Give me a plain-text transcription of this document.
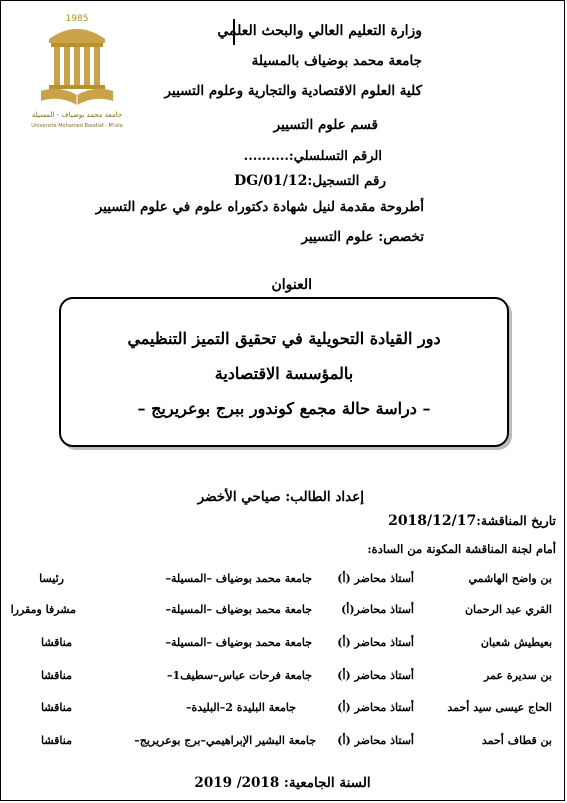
1985
جامعة محمد بوضياف - المسيلة
Université Mohamed Boudiaf - M'sila
وزارة التعليم العالي والبحث العلمي
جامعة محمد بوضياف بالمسيلة
كلية العلوم الاقتصادية والتجارية وعلوم التسيير
قسم علوم التسيير
الرقم التسلسلي:..........
رقم التسجيل:DG/01/12
أطروحة مقدمة لنيل شهادة دكتوراه علوم في علوم التسيير
تخصص: علوم التسيير
العنوان
دور القيادة التحويلية في تحقيق التميز التنظيمي
بالمؤسسة الاقتصادية
– دراسة حالة مجمع كوندور ببرج بوعريريج –
إعداد الطالب: صياحي الأخضر
تاريخ المناقشة:2018/12/17
أمام لجنة المناقشة المكونة من السادة:
بن واضح الهاشمي
أستاذ محاضر (أ)
جامعة محمد بوضياف –المسيلة–
رئيسا
القري عبد الرحمان
أستاذ محاضر(أ)
جامعة محمد بوضياف –المسيلة–
مشرفا ومقررا
بعيطيش شعبان
أستاذ محاضر (أ)
جامعة محمد بوضياف –المسيلة–
مناقشا
بن سديرة عمر
أستاذ محاضر (أ)
جامعة فرحات عباس–سطيف1–
مناقشا
الحاج عيسى سيد أحمد
أستاذ محاضر (أ)
جامعة البليدة 2–البليدة–
مناقشا
بن قطاف أحمد
أستاذ محاضر (أ)
جامعة البشير الإبراهيمي–برج بوعريريج–
مناقشا
السنة الجامعية: 2018/ 2019
